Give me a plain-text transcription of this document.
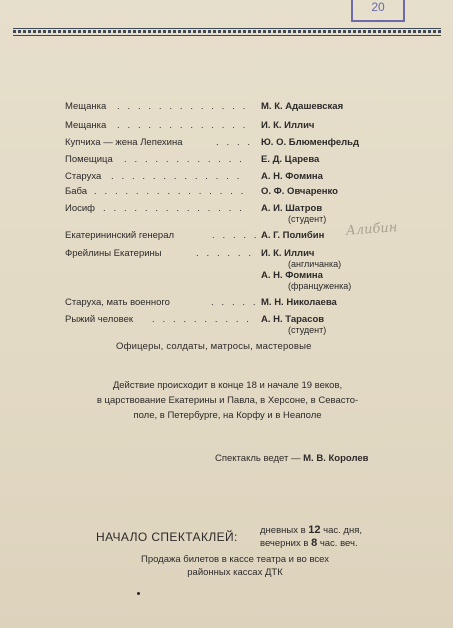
20
Мещанка . . . . . . . . . . . . . М. К. Адашевская
Мещанка . . . . . . . . . . . . . И. К. Иллич
Купчиха — жена Лепехина	. . . . Ю. О. Блюменфельд
Помещица . . . . . . . . . . . . Е. Д. Царева
Старуха . . . . . . . . . . . . . А. Н. Фомина
Баба . . . . . . . . . . . . . . . О. Ф. Овчаренко
Иосиф . . . . . . . . . . . . . . А. И. Шатров
(студент)
Екатерининский генерал	. . . . . А. Г. Полибин
Фрейлины Екатерины	. . . . . . И. К. Иллич
(англичанка)
А. Н. Фомина
(француженка)
Старуха, мать военного	. . . . . М. Н. Николаева
Рыжий человек . . . . . . . . . . А. Н. Тарасов
(студент)
Алибин
Офицеры, солдаты, матросы, мастеровые
Действие происходит в конце 18 и начале 19 веков,
в царствование Екатерины и Павла, в Херсоне, в Севасто-
поле, в Петербурге, на Корфу и в Неаполе
Спектакль ведет — М. В. Королев
НАЧАЛО СПЕКТАКЛЕЙ: дневных в 12 час. дня,
вечерних в 8 час. веч.
Продажа билетов в кассе театра и во всех
районных кассах ДТК
